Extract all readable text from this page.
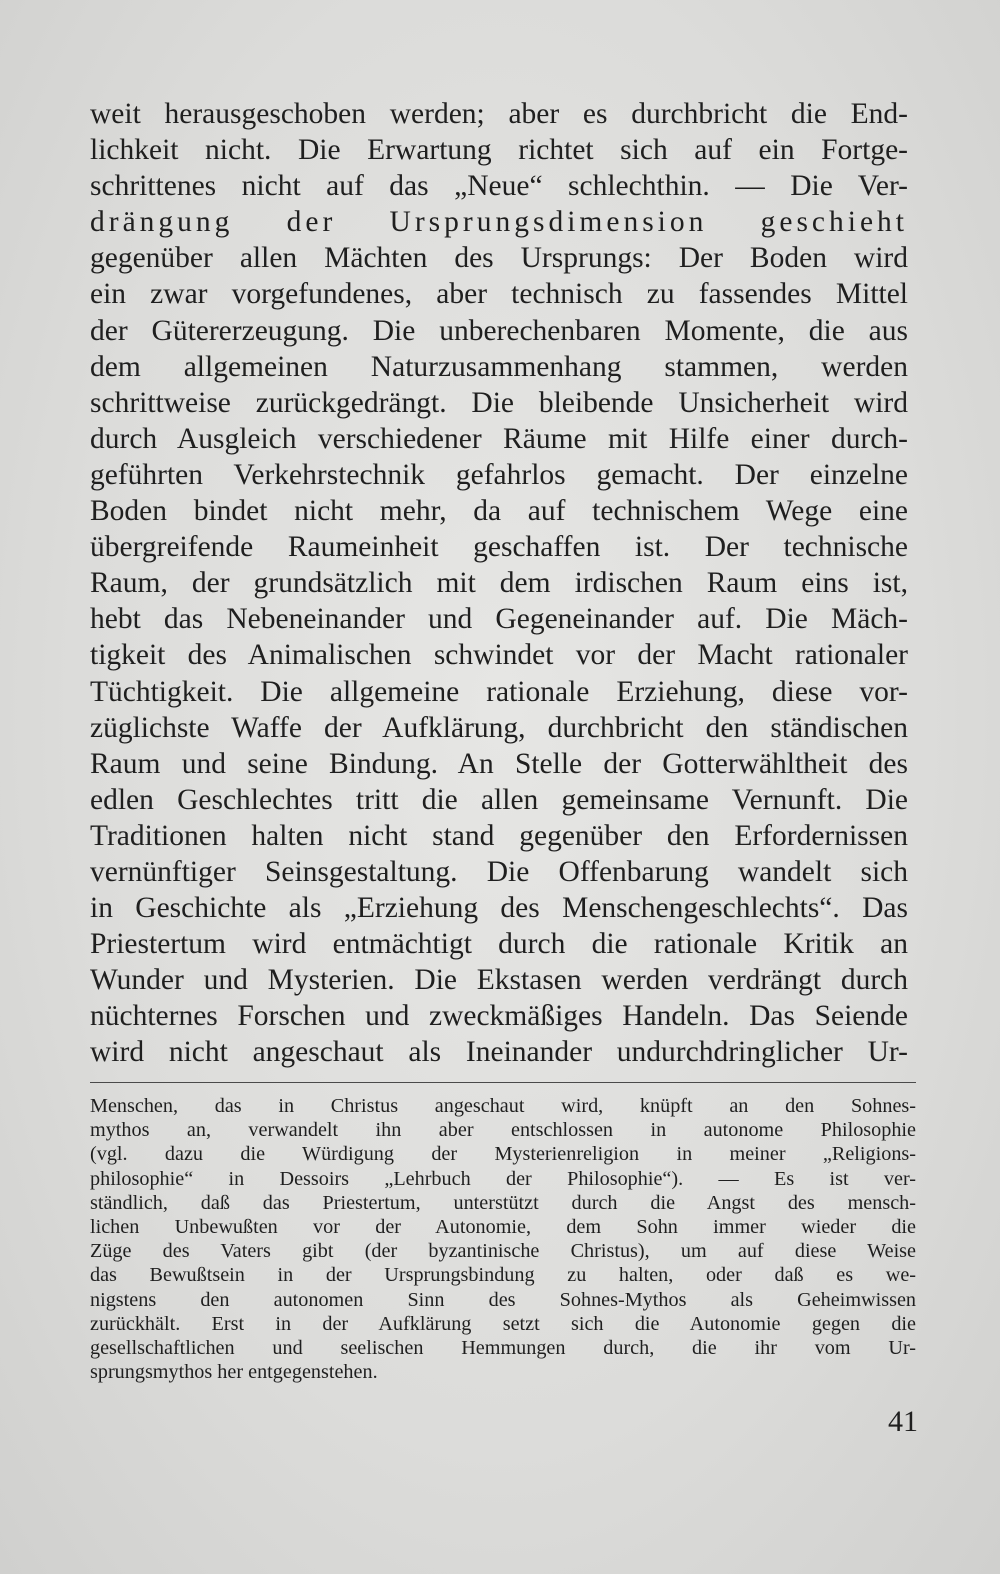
weit herausgeschoben werden; aber es durchbricht die End-
lichkeit nicht. Die Erwartung richtet sich auf ein Fortge-
schrittenes nicht auf das „Neue“ schlechthin. — Die Ver-
drängung der Ursprungsdimension geschieht
gegenüber allen Mächten des Ursprungs: Der Boden wird
ein zwar vorgefundenes, aber technisch zu fassendes Mittel
der Gütererzeugung. Die unberechenbaren Momente, die aus
dem allgemeinen Naturzusammenhang stammen, werden
schrittweise zurückgedrängt. Die bleibende Unsicherheit wird
durch Ausgleich verschiedener Räume mit Hilfe einer durch-
geführten Verkehrstechnik gefahrlos gemacht. Der einzelne
Boden bindet nicht mehr, da auf technischem Wege eine
übergreifende Raumeinheit geschaffen ist. Der technische
Raum, der grundsätzlich mit dem irdischen Raum eins ist,
hebt das Nebeneinander und Gegeneinander auf. Die Mäch-
tigkeit des Animalischen schwindet vor der Macht rationaler
Tüchtigkeit. Die allgemeine rationale Erziehung, diese vor-
züglichste Waffe der Aufklärung, durchbricht den ständischen
Raum und seine Bindung. An Stelle der Gotterwähltheit des
edlen Geschlechtes tritt die allen gemeinsame Vernunft. Die
Traditionen halten nicht stand gegenüber den Erfordernissen
vernünftiger Seinsgestaltung. Die Offenbarung wandelt sich
in Geschichte als „Erziehung des Menschengeschlechts“. Das
Priestertum wird entmächtigt durch die rationale Kritik an
Wunder und Mysterien. Die Ekstasen werden verdrängt durch
nüchternes Forschen und zweckmäßiges Handeln. Das Seiende
wird nicht angeschaut als Ineinander undurchdringlicher Ur-
Menschen, das in Christus angeschaut wird, knüpft an den Sohnes-
mythos an, verwandelt ihn aber entschlossen in autonome Philosophie
(vgl. dazu die Würdigung der Mysterienreligion in meiner „Religions-
philosophie“ in Dessoirs „Lehrbuch der Philosophie“). — Es ist ver-
ständlich, daß das Priestertum, unterstützt durch die Angst des mensch-
lichen Unbewußten vor der Autonomie, dem Sohn immer wieder die
Züge des Vaters gibt (der byzantinische Christus), um auf diese Weise
das Bewußtsein in der Ursprungsbindung zu halten, oder daß es we-
nigstens den autonomen Sinn des Sohnes-Mythos als Geheimwissen
zurückhält. Erst in der Aufklärung setzt sich die Autonomie gegen die
gesellschaftlichen und seelischen Hemmungen durch, die ihr vom Ur-
sprungsmythos her entgegenstehen.
41
